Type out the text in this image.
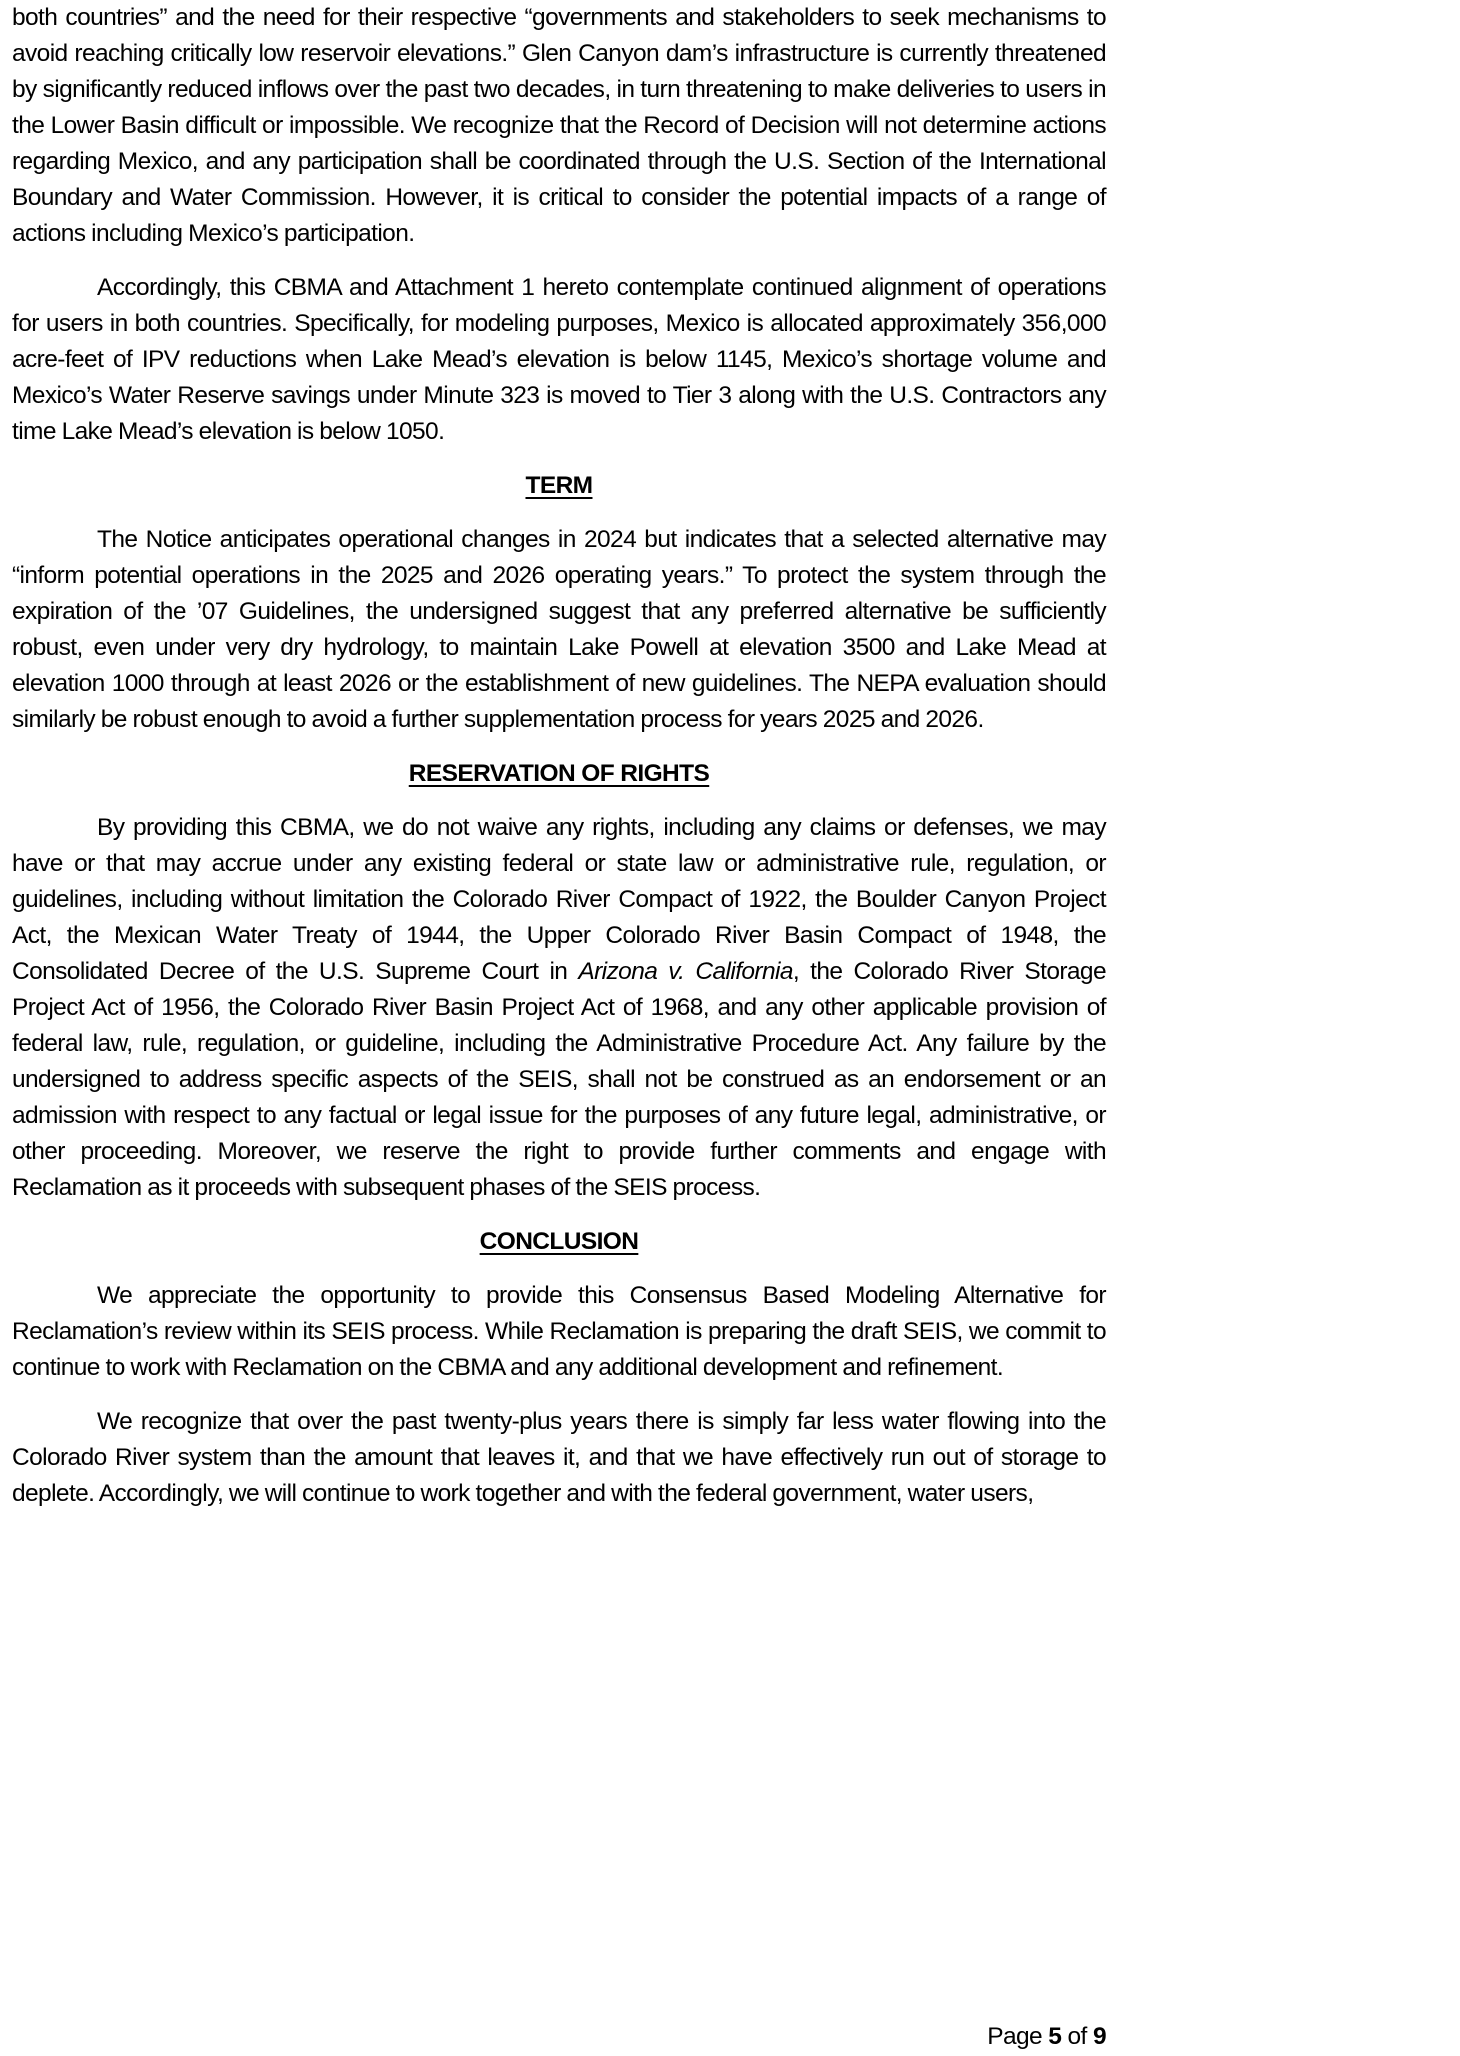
both countries” and the need for their respective “governments and stakeholders to seek mechanisms to avoid reaching critically low reservoir elevations.” Glen Canyon dam’s infrastructure is currently threatened by significantly reduced inflows over the past two decades, in turn threatening to make deliveries to users in the Lower Basin difficult or impossible. We recognize that the Record of Decision will not determine actions regarding Mexico, and any participation shall be coordinated through the U.S. Section of the International Boundary and Water Commission. However, it is critical to consider the potential impacts of a range of actions including Mexico’s participation.

Accordingly, this CBMA and Attachment 1 hereto contemplate continued alignment of operations for users in both countries. Specifically, for modeling purposes, Mexico is allocated approximately 356,000 acre-feet of IPV reductions when Lake Mead’s elevation is below 1145, Mexico’s shortage volume and Mexico’s Water Reserve savings under Minute 323 is moved to Tier 3 along with the U.S. Contractors any time Lake Mead’s elevation is below 1050.

TERM

The Notice anticipates operational changes in 2024 but indicates that a selected alternative may “inform potential operations in the 2025 and 2026 operating years.” To protect the system through the expiration of the ’07 Guidelines, the undersigned suggest that any preferred alternative be sufficiently robust, even under very dry hydrology, to maintain Lake Powell at elevation 3500 and Lake Mead at elevation 1000 through at least 2026 or the establishment of new guidelines. The NEPA evaluation should similarly be robust enough to avoid a further supplementation process for years 2025 and 2026.

RESERVATION OF RIGHTS

By providing this CBMA, we do not waive any rights, including any claims or defenses, we may have or that may accrue under any existing federal or state law or administrative rule, regulation, or guidelines, including without limitation the Colorado River Compact of 1922, the Boulder Canyon Project Act, the Mexican Water Treaty of 1944, the Upper Colorado River Basin Compact of 1948, the Consolidated Decree of the U.S. Supreme Court in Arizona v. California, the Colorado River Storage Project Act of 1956, the Colorado River Basin Project Act of 1968, and any other applicable provision of federal law, rule, regulation, or guideline, including the Administrative Procedure Act. Any failure by the undersigned to address specific aspects of the SEIS, shall not be construed as an endorsement or an admission with respect to any factual or legal issue for the purposes of any future legal, administrative, or other proceeding. Moreover, we reserve the right to provide further comments and engage with Reclamation as it proceeds with subsequent phases of the SEIS process.

CONCLUSION

We appreciate the opportunity to provide this Consensus Based Modeling Alternative for Reclamation’s review within its SEIS process. While Reclamation is preparing the draft SEIS, we commit to continue to work with Reclamation on the CBMA and any additional development and refinement.

We recognize that over the past twenty-plus years there is simply far less water flowing into the Colorado River system than the amount that leaves it, and that we have effectively run out of storage to deplete. Accordingly, we will continue to work together and with the federal government, water users,

Page 5 of 9
